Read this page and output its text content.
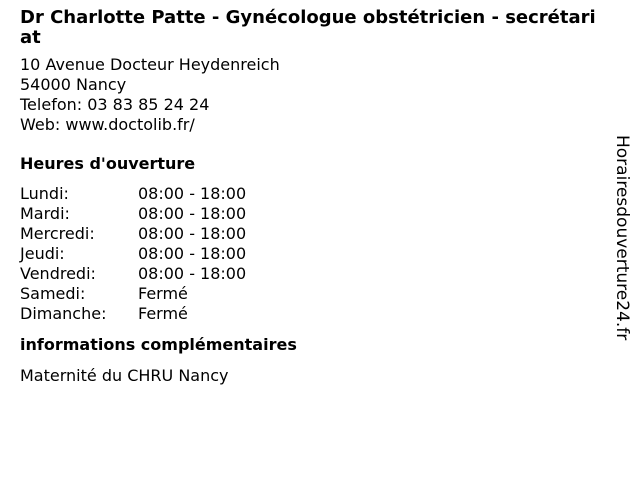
Dr Charlotte Patte - Gynécologue obstétricien - secrétariat
10 Avenue Docteur Heydenreich
54000 Nancy
Telefon: 03 83 85 24 24
Web: www.doctolib.fr/
Heures d'ouverture
Lundi:	08:00 - 18:00
Mardi:	08:00 - 18:00
Mercredi:	08:00 - 18:00
Jeudi:	08:00 - 18:00
Vendredi:	08:00 - 18:00
Samedi:	Fermé
Dimanche:	Fermé
informations complémentaires
Maternité du CHRU Nancy
Horairesdouverture24.fr
